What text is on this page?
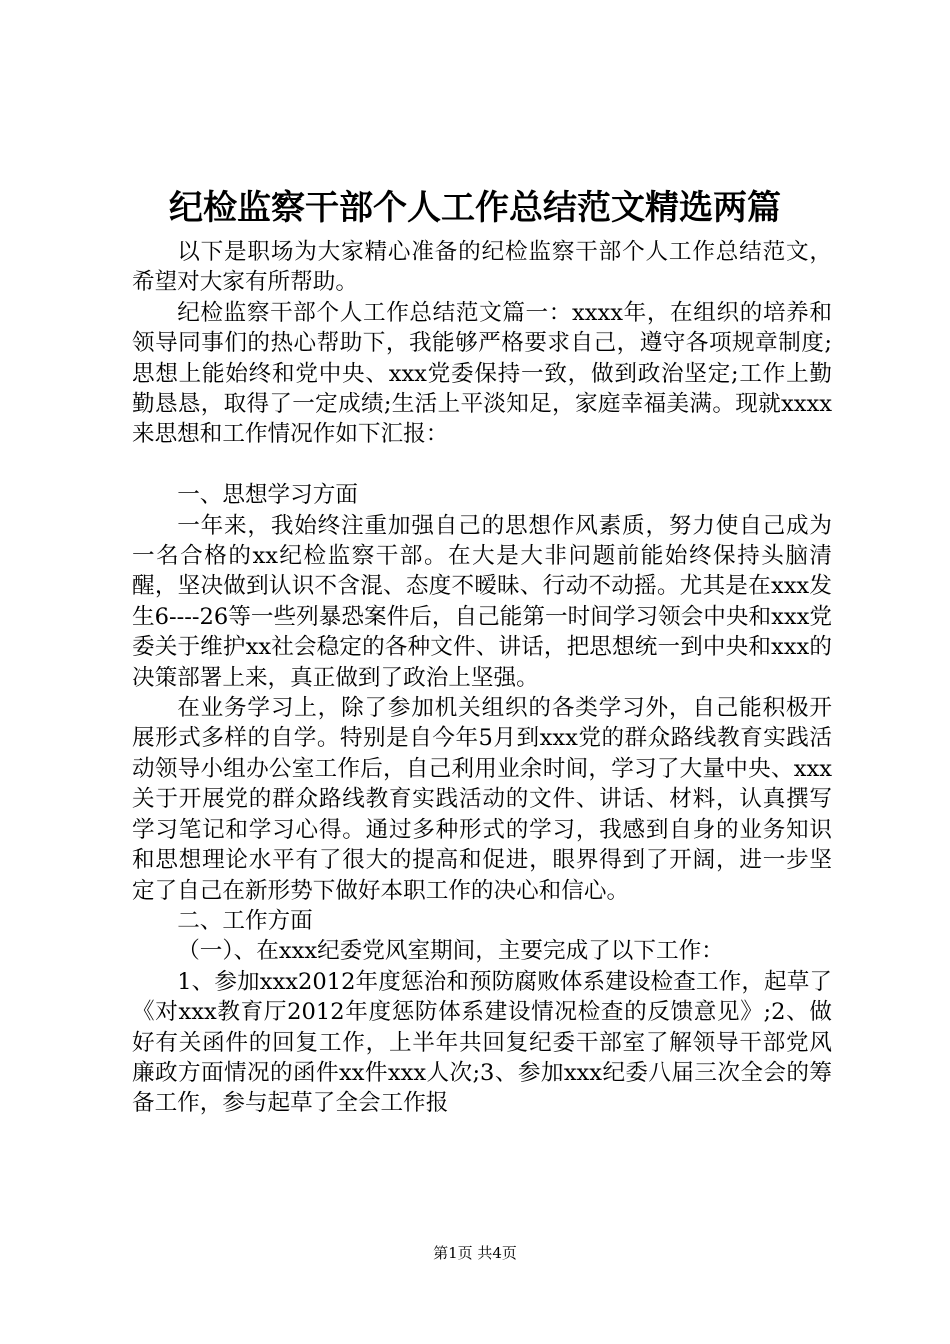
纪检监察干部个人工作总结范文精选两篇

以下是职场为大家精心准备的纪检监察干部个人工作总结范文，希望对大家有所帮助。

纪检监察干部个人工作总结范文篇一：xxxx年，在组织的培养和领导同事们的热心帮助下，我能够严格要求自己，遵守各项规章制度;思想上能始终和党中央、xxx党委保持一致，做到政治坚定;工作上勤勤恳恳，取得了一定成绩;生活上平淡知足，家庭幸福美满。现就xxxx来思想和工作情况作如下汇报：

一、思想学习方面

一年来，我始终注重加强自己的思想作风素质，努力使自己成为一名合格的xx纪检监察干部。在大是大非问题前能始终保持头脑清醒，坚决做到认识不含混、态度不暧昧、行动不动摇。尤其是在xxx发生6----26等一些列暴恐案件后，自己能第一时间学习领会中央和xxx党委关于维护xx社会稳定的各种文件、讲话，把思想统一到中央和xxx的决策部署上来，真正做到了政治上坚强。

在业务学习上，除了参加机关组织的各类学习外，自己能积极开展形式多样的自学。特别是自今年5月到xxx党的群众路线教育实践活动领导小组办公室工作后，自己利用业余时间，学习了大量中央、xxx关于开展党的群众路线教育实践活动的文件、讲话、材料，认真撰写学习笔记和学习心得。通过多种形式的学习，我感到自身的业务知识和思想理论水平有了很大的提高和促进，眼界得到了开阔，进一步坚定了自己在新形势下做好本职工作的决心和信心。

二、工作方面

（一）、在xxx纪委党风室期间，主要完成了以下工作：

1、参加xxx2012年度惩治和预防腐败体系建设检查工作，起草了《对xxx教育厅2012年度惩防体系建设情况检查的反馈意见》;2、做好有关函件的回复工作，上半年共回复纪委干部室了解领导干部党风廉政方面情况的函件xx件xxx人次;3、参加xxx纪委八届三次全会的筹备工作，参与起草了全会工作报

第1页 共4页
